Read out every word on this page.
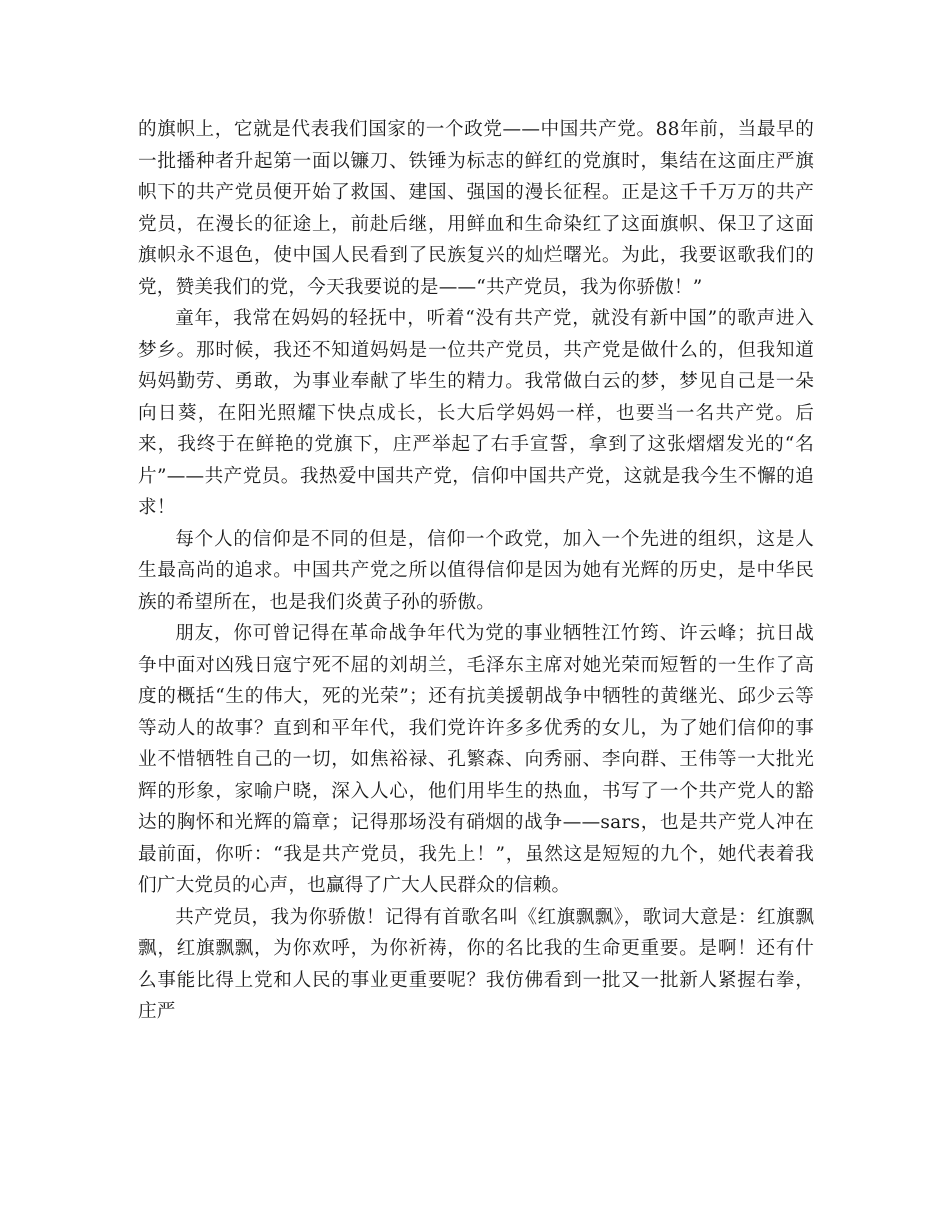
的旗帜上，它就是代表我们国家的一个政党——中国共产党。88年前，当最早的一批播种者升起第一面以镰刀、铁锤为标志的鲜红的党旗时，集结在这面庄严旗帜下的共产党员便开始了救国、建国、强国的漫长征程。正是这千千万万的共产党员，在漫长的征途上，前赴后继，用鲜血和生命染红了这面旗帜、保卫了这面旗帜永不退色，使中国人民看到了民族复兴的灿烂曙光。为此，我要讴歌我们的党，赞美我们的党，今天我要说的是——“共产党员，我为你骄傲！”

童年，我常在妈妈的轻抚中，听着“没有共产党，就没有新中国”的歌声进入梦乡。那时候，我还不知道妈妈是一位共产党员，共产党是做什么的，但我知道妈妈勤劳、勇敢，为事业奉献了毕生的精力。我常做白云的梦，梦见自己是一朵向日葵，在阳光照耀下快点成长，长大后学妈妈一样，也要当一名共产党。后来，我终于在鲜艳的党旗下，庄严举起了右手宣誓，拿到了这张熠熠发光的“名片”——共产党员。我热爱中国共产党，信仰中国共产党，这就是我今生不懈的追求！

每个人的信仰是不同的但是，信仰一个政党，加入一个先进的组织，这是人生最高尚的追求。中国共产党之所以值得信仰是因为她有光辉的历史，是中华民族的希望所在，也是我们炎黄子孙的骄傲。

朋友，你可曾记得在革命战争年代为党的事业牺牲江竹筠、许云峰；抗日战争中面对凶残日寇宁死不屈的刘胡兰，毛泽东主席对她光荣而短暂的一生作了高度的概括“生的伟大，死的光荣”；还有抗美援朝战争中牺牲的黄继光、邱少云等等动人的故事？直到和平年代，我们党许许多多优秀的女儿，为了她们信仰的事业不惜牺牲自己的一切，如焦裕禄、孔繁森、向秀丽、李向群、王伟等一大批光辉的形象，家喻户晓，深入人心，他们用毕生的热血，书写了一个共产党人的豁达的胸怀和光辉的篇章；记得那场没有硝烟的战争——sars，也是共产党人冲在最前面，你听：“我是共产党员，我先上！”，虽然这是短短的九个，她代表着我们广大党员的心声，也赢得了广大人民群众的信赖。

共产党员，我为你骄傲！记得有首歌名叫《红旗飘飘》，歌词大意是：红旗飘飘，红旗飘飘，为你欢呼，为你祈祷，你的名比我的生命更重要。是啊！还有什么事能比得上党和人民的事业更重要呢？我仿佛看到一批又一批新人紧握右拳，庄严
